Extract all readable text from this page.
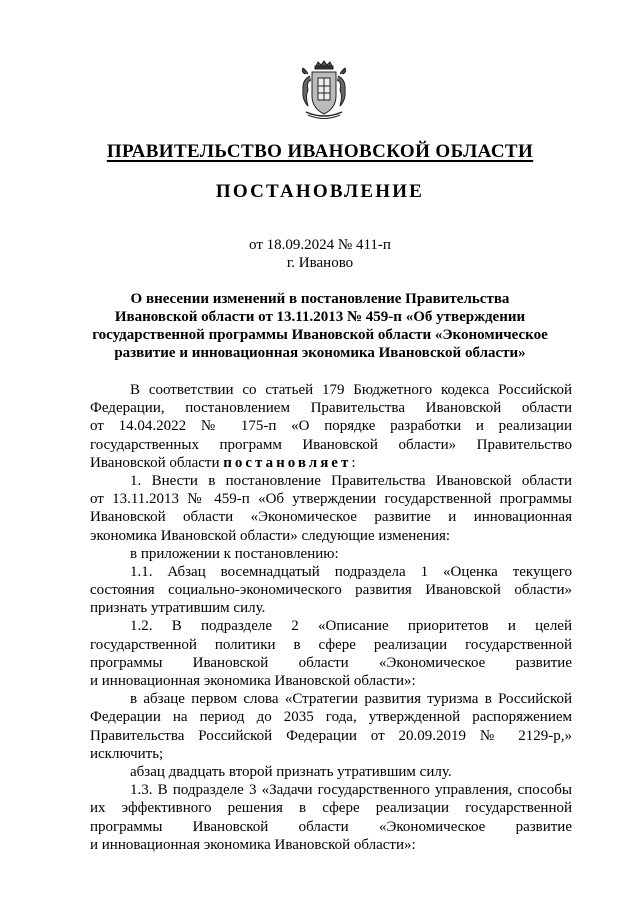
ПРАВИТЕЛЬСТВО ИВАНОВСКОЙ ОБЛАСТИ
ПОСТАНОВЛЕНИЕ
от 18.09.2024 № 411-п
г. Иваново
О внесении изменений в постановление Правительства
Ивановской области от 13.11.2013 № 459-п «Об утверждении
государственной программы Ивановской области «Экономическое
развитие и инновационная экономика Ивановской области»
В соответствии со статьей 179 Бюджетного кодекса Российской
Федерации, постановлением Правительства Ивановской области
от 14.04.2022 № 175-п «О порядке разработки и реализации
государственных программ Ивановской области» Правительство
Ивановской области постановляет:
1. Внести в постановление Правительства Ивановской области
от 13.11.2013 № 459-п «Об утверждении государственной программы
Ивановской области «Экономическое развитие и инновационная
экономика Ивановской области» следующие изменения:
в приложении к постановлению:
1.1. Абзац восемнадцатый подраздела 1 «Оценка текущего
состояния социально-экономического развития Ивановской области»
признать утратившим силу.
1.2. В подразделе 2 «Описание приоритетов и целей
государственной политики в сфере реализации государственной
программы Ивановской области «Экономическое развитие
и инновационная экономика Ивановской области»:
в абзаце первом слова «Стратегии развития туризма в Российской
Федерации на период до 2035 года, утвержденной распоряжением
Правительства Российской Федерации от 20.09.2019 № 2129-р,»
исключить;
абзац двадцать второй признать утратившим силу.
1.3. В подразделе 3 «Задачи государственного управления, способы
их эффективного решения в сфере реализации государственной
программы Ивановской области «Экономическое развитие
и инновационная экономика Ивановской области»:
